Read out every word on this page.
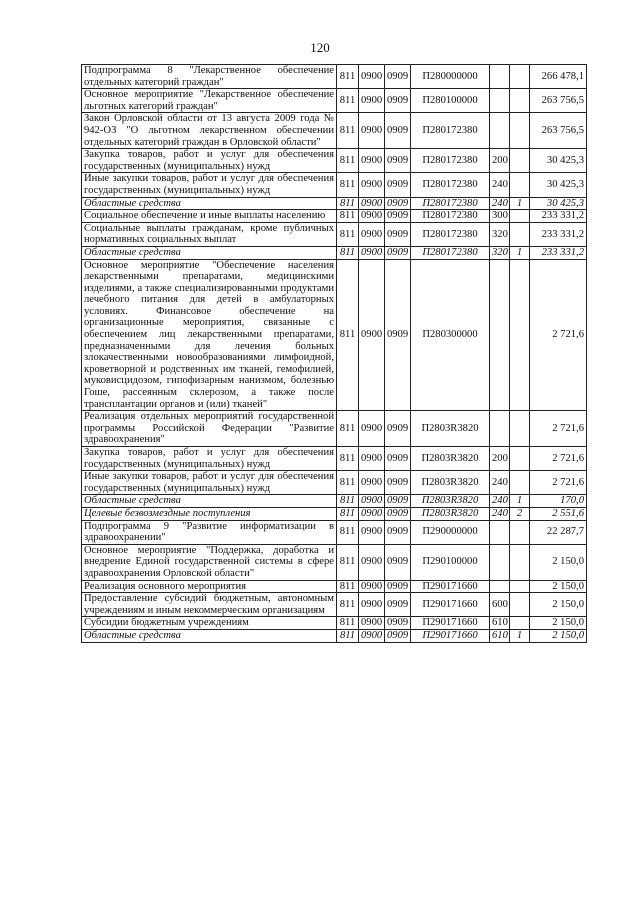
120
Подпрограмма 8 "Лекарственное обеспечение отдельных категорий граждан"	811	0900	0909	П280000000			266 478,1
Основное мероприятие "Лекарственное обеспечение льготных категорий граждан"	811	0900	0909	П280100000			263 756,5
Закон Орловской области от 13 августа 2009 года № 942-ОЗ "О льготном лекарственном обеспечении отдельных категорий граждан в Орловской области"	811	0900	0909	П280172380			263 756,5
Закупка товаров, работ и услуг для обеспечения государственных (муниципальных) нужд	811	0900	0909	П280172380	200		30 425,3
Иные закупки товаров, работ и услуг для обеспечения государственных (муниципальных) нужд	811	0900	0909	П280172380	240		30 425,3
Областные средства	811	0900	0909	П280172380	240	1	30 425,3
Социальное обеспечение и иные выплаты населению	811	0900	0909	П280172380	300		233 331,2
Социальные выплаты гражданам, кроме публичных нормативных социальных выплат	811	0900	0909	П280172380	320		233 331,2
Областные средства	811	0900	0909	П280172380	320	1	233 331,2
Основное мероприятие "Обеспечение населения лекарственными препаратами, медицинскими изделиями, а также специализированными продуктами лечебного питания для детей в амбулаторных условиях. Финансовое обеспечение на организационные мероприятия, связанные с обеспечением лиц лекарственными препаратами, предназначенными для лечения больных злокачественными новообразованиями лимфоидной, кроветворной и родственных им тканей, гемофилией, муковисцидозом, гипофизарным нанизмом, болезнью Гоше, рассеянным склерозом, а также после трансплантации органов и (или) тканей"	811	0900	0909	П280300000			2 721,6
Реализация отдельных мероприятий государственной программы Российской Федерации "Развитие здравоохранения"	811	0900	0909	П2803R3820			2 721,6
Закупка товаров, работ и услуг для обеспечения государственных (муниципальных) нужд	811	0900	0909	П2803R3820	200		2 721,6
Иные закупки товаров, работ и услуг для обеспечения государственных (муниципальных) нужд	811	0900	0909	П2803R3820	240		2 721,6
Областные средства	811	0900	0909	П2803R3820	240	1	170,0
Целевые безвозмездные поступления	811	0900	0909	П2803R3820	240	2	2 551,6
Подпрограмма 9 "Развитие информатизации в здравоохранении"	811	0900	0909	П290000000			22 287,7
Основное мероприятие "Поддержка, доработка и внедрение Единой государственной системы в сфере здравоохранения Орловской области"	811	0900	0909	П290100000			2 150,0
Реализация основного мероприятия	811	0900	0909	П290171660			2 150,0
Предоставление субсидий бюджетным, автономным учреждениям и иным некоммерческим организациям	811	0900	0909	П290171660	600		2 150,0
Субсидии бюджетным учреждениям	811	0900	0909	П290171660	610		2 150,0
Областные средства	811	0900	0909	П290171660	610	1	2 150,0
